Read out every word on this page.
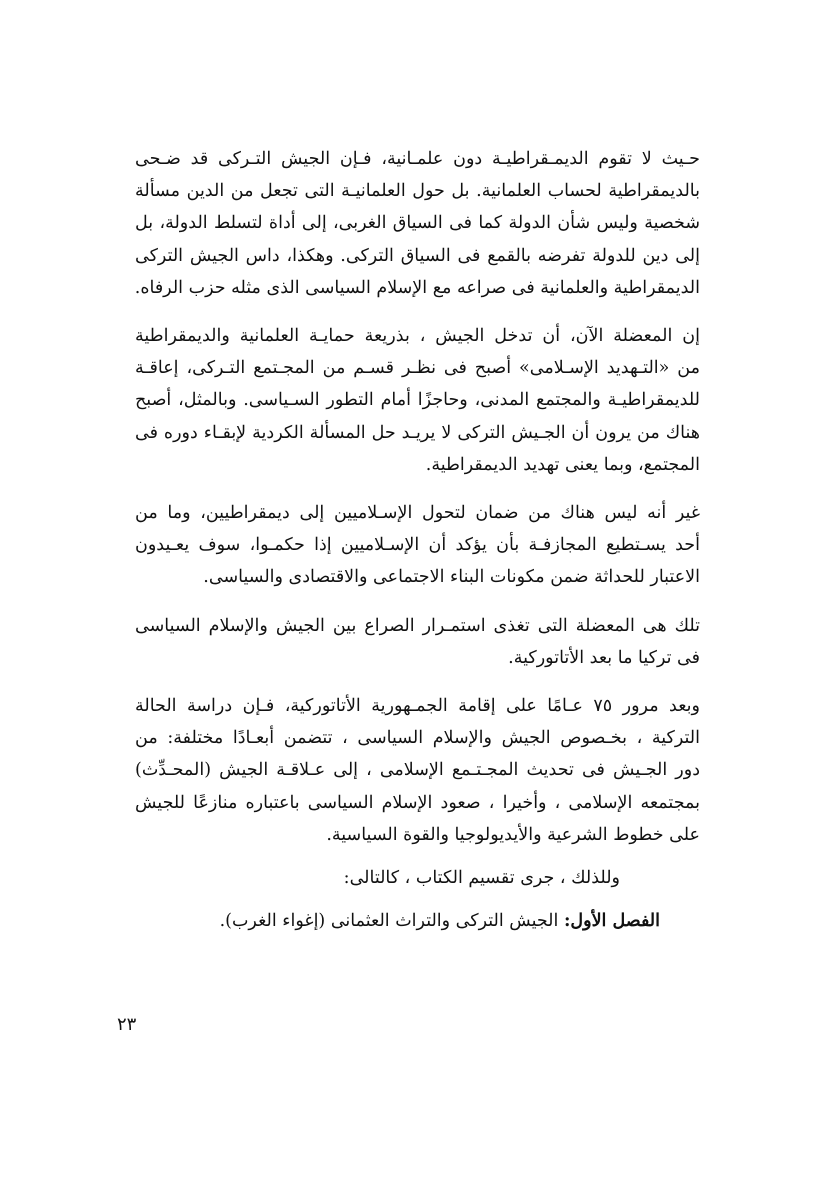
حـيث لا تقوم الديمـقراطيـة دون علمـانية، فـإن الجيش التـركى قد ضـحى
بالديمقراطية لحساب العلمانية. بل حول العلمانيـة التى تجعل من الدين مسألة
شخصية وليس شأن الدولة كما فى السياق الغربى، إلى أداة لتسلط الدولة، بل
إلى دين للدولة تفرضه بالقمع فى السياق التركى. وهكذا، داس الجيش التركى
الديمقراطية والعلمانية فى صراعه مع الإسلام السياسى الذى مثله حزب الرفاه.

إن المعضلة الآن، أن تدخل الجيش ، بذريعة حمايـة العلمانية والديمقراطية
من «التـهديد الإسـلامى» أصبح فى نظـر قسـم من المجـتمع التـركى، إعاقـة
للديمقراطيـة والمجتمع المدنى، وحاجزًا أمام التطور السـياسى. وبالمثل، أصبح
هناك من يرون أن الجـيش التركى لا يريـد حل المسألة الكردية لإبقـاء دوره فى
المجتمع، وبما يعنى تهديد الديمقراطية.

غير أنه ليس هناك من ضمان لتحول الإسـلاميين إلى ديمقراطيين، وما من
أحد يسـتطيع المجازفـة بأن يؤكد أن الإسـلاميين إذا حكمـوا، سوف يعـيدون
الاعتبار للحداثة ضمن مكونات البناء الاجتماعى والاقتصادى والسياسى.

تلك هى المعضلة التى تغذى استمـرار الصراع بين الجيش والإسلام السياسى
فى تركيا ما بعد الأتاتوركية.

وبعد مرور ٧٥ عـامًا على إقامة الجمـهورية الأتاتوركية، فـإن دراسة الحالة
التركية ، بخـصوص الجيش والإسلام السياسى ، تتضمن أبعـادًا مختلفة: من
دور الجـيش فى تحديث المجـتـمع الإسلامى ، إلى عـلاقـة الجيش (المحـدِّث)
بمجتمعه الإسلامى ، وأخيرا ، صعود الإسلام السياسى باعتباره منازعًا للجيش
على خطوط الشرعية والأيديولوجيا والقوة السياسية.

وللذلك ، جرى تقسيم الكتاب ، كالتالى:
الفصل الأول: الجيش التركى والتراث العثمانى (إغواء الغرب).
٢٣
